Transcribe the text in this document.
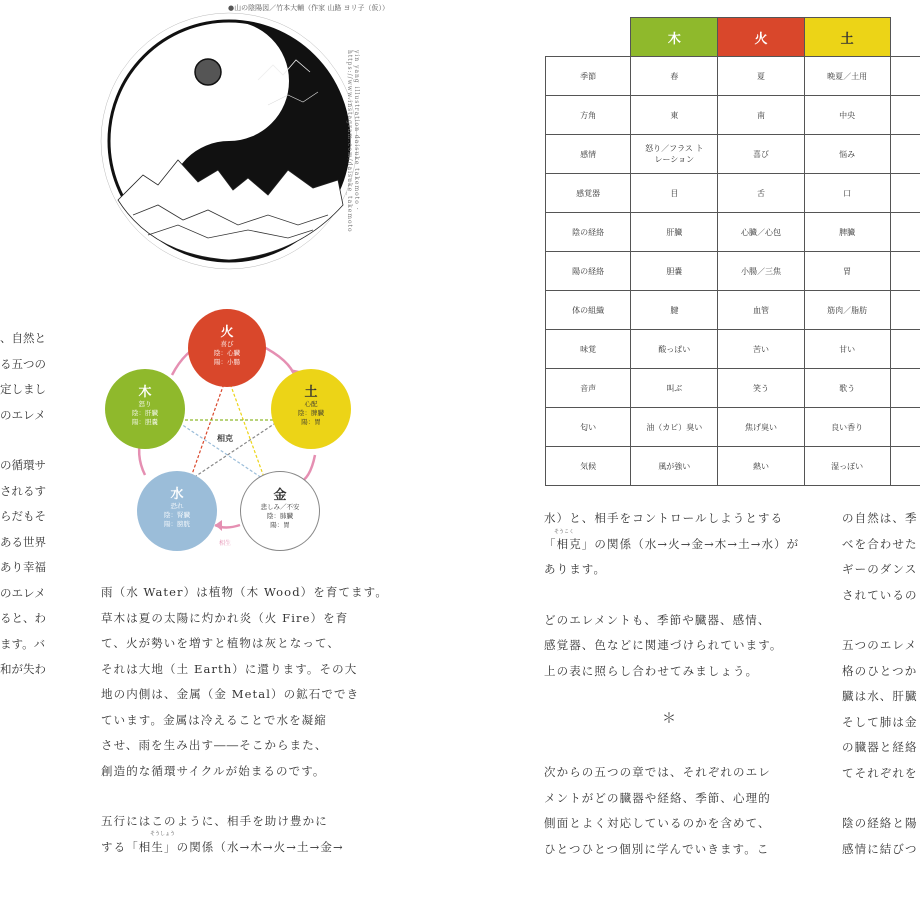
●山の陰陽図／竹本大輔（作家 山路 ヨリ子（仮））
yin yang illustration daisuke takemoto · https://www.instagram.com/daisuke_takemoto
、自然と
る五つの
定しまし
のエレメ
の循環サ
されるす
らだもそ
ある世界
あり幸福
のエレメ
ると、わ
ます。バ
和が失わ
相克
相生
火
喜び
陰：心臓
陽：小腸
土
心配
陰：脾臓
陽：胃
金
悲しみ／不安
陰：肺臓
陽：胃
水
恐れ
陰：腎臓
陽：膀胱
木
怒り
陰：肝臓
陽：胆嚢
雨（水 Water）は植物（木 Wood）を育てます。
草木は夏の太陽に灼かれ炎（火 Fire）を育
て、火が勢いを増すと植物は灰となって、
それは大地（土 Earth）に還ります。その大
地の内側は、金属（金 Metal）の鉱石ででき
ています。金属は冷えることで水を凝縮
させ、雨を生み出す――そこからまた、
創造的な循環サイクルが始まるのです。
五行にはこのように、相手を助け豊かに
する「相生」の関係（水→木→火→土→金→
そうしょう
	木	火	土	
季節	春	夏	晩夏／土用	
方角	東	南	中央	
感情	怒り／フラス トレーション	喜び	悩み	
感覚器	目	舌	口	
陰の経絡	肝臓	心臓／心包	脾臓	
陽の経絡	胆嚢	小腸／三焦	胃	
体の組織	腱	血管	筋肉／脂肪	
味覚	酸っぱい	苦い	甘い	
音声	叫ぶ	笑う	歌う	
匂い	油（カビ）臭い	焦げ臭い	良い香り	
気候	風が強い	熱い	湿っぽい	
水）と、相手をコントロールしようとする
「相克」の関係（水→火→金→木→土→水）が
あります。
どのエレメントも、季節や臓器、感情、
感覚器、色などに関連づけられています。
上の表に照らし合わせてみましょう。
そうこく
＊
次からの五つの章では、それぞれのエレ
メントがどの臓器や経絡、季節、心理的
側面とよく対応しているのかを含めて、
ひとつひとつ個別に学んでいきます。こ
の自然は、季
べを合わせた
ギーのダンス
されているの
五つのエレメ
格のひとつか
臓は水、肝臓
そして肺は金
の臓器と経絡
てそれぞれを
陰の経絡と陽
感情に結びつ
